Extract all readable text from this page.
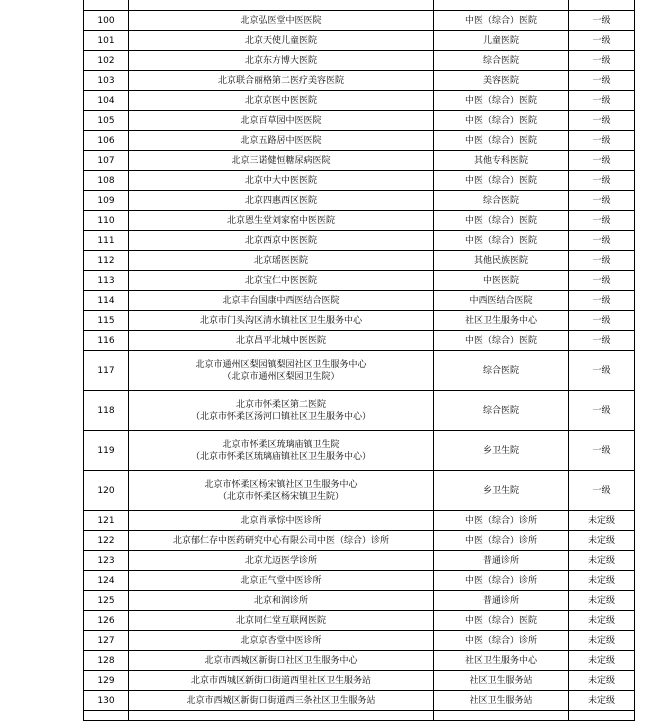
100	北京弘医堂中医医院	中医（综合）医院	一级
101	北京天使儿童医院	儿童医院	一级
102	北京东方博大医院	综合医院	一级
103	北京联合丽格第二医疗美容医院	美容医院	一级
104	北京京医中医医院	中医（综合）医院	一级
105	北京百草园中医医院	中医（综合）医院	一级
106	北京五路居中医医院	中医（综合）医院	一级
107	北京三诺健恒糖尿病医院	其他专科医院	一级
108	北京中大中医医院	中医（综合）医院	一级
109	北京四惠西区医院	综合医院	一级
110	北京恩生堂刘家窑中医医院	中医（综合）医院	一级
111	北京西京中医医院	中医（综合）医院	一级
112	北京瑶医医院	其他民族医院	一级
113	北京宝仁中医医院	中医医院	一级
114	北京丰台国康中西医结合医院	中西医结合医院	一级
115	北京市门头沟区清水镇社区卫生服务中心	社区卫生服务中心	一级
116	北京昌平北城中医医院	中医（综合）医院	一级
117	北京市通州区梨园镇梨园社区卫生服务中心
（北京市通州区梨园卫生院）	综合医院	一级
118	北京市怀柔区第二医院
（北京市怀柔区汤河口镇社区卫生服务中心）	综合医院	一级
119	北京市怀柔区琉璃庙镇卫生院
（北京市怀柔区琉璃庙镇社区卫生服务中心）	乡卫生院	一级
120	北京市怀柔区杨宋镇社区卫生服务中心
（北京市怀柔区杨宋镇卫生院）	乡卫生院	一级
121	北京肖承悰中医诊所	中医（综合）诊所	未定级
122	北京郁仁存中医药研究中心有限公司中医（综合）诊所	中医（综合）诊所	未定级
123	北京尤迈医学诊所	普通诊所	未定级
124	北京正气堂中医诊所	中医（综合）诊所	未定级
125	北京和润诊所	普通诊所	未定级
126	北京同仁堂互联网医院	中医（综合）医院	未定级
127	北京京杏堂中医诊所	中医（综合）诊所	未定级
128	北京市西城区新街口社区卫生服务中心	社区卫生服务中心	未定级
129	北京市西城区新街口街道西里社区卫生服务站	社区卫生服务站	未定级
130	北京市西城区新街口街道西三条社区卫生服务站	社区卫生服务站	未定级
